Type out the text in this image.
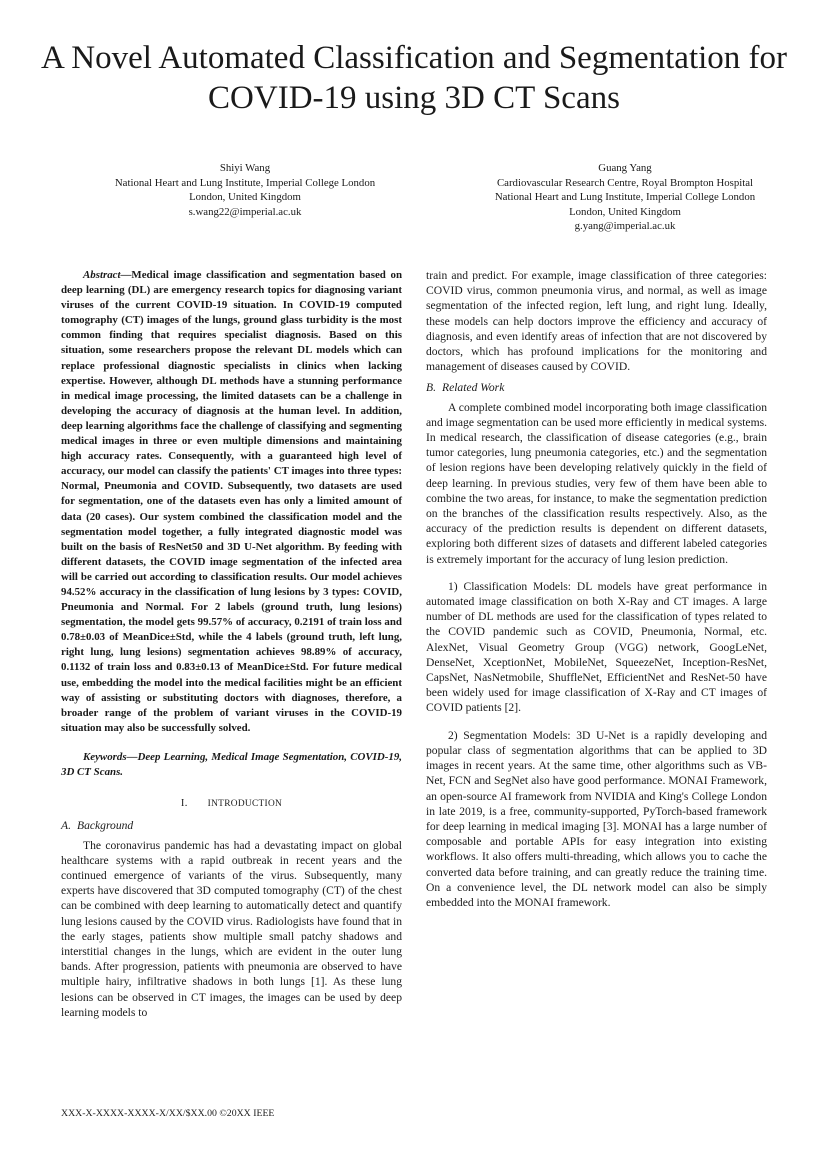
A Novel Automated Classification and Segmentation for COVID-19 using 3D CT Scans
Shiyi Wang
National Heart and Lung Institute, Imperial College London
London, United Kingdom
s.wang22@imperial.ac.uk
Guang Yang
Cardiovascular Research Centre, Royal Brompton Hospital
National Heart and Lung Institute, Imperial College London
London, United Kingdom
g.yang@imperial.ac.uk

Abstract—Medical image classification and segmentation based on deep learning (DL) are emergency research topics for diagnosing variant viruses of the current COVID-19 situation. In COVID-19 computed tomography (CT) images of the lungs, ground glass turbidity is the most common finding that requires specialist diagnosis. Based on this situation, some researchers propose the relevant DL models which can replace professional diagnostic specialists in clinics when lacking expertise. However, although DL methods have a stunning performance in medical image processing, the limited datasets can be a challenge in developing the accuracy of diagnosis at the human level. In addition, deep learning algorithms face the challenge of classifying and segmenting medical images in three or even multiple dimensions and maintaining high accuracy rates. Consequently, with a guaranteed high level of accuracy, our model can classify the patients' CT images into three types: Normal, Pneumonia and COVID. Subsequently, two datasets are used for segmentation, one of the datasets even has only a limited amount of data (20 cases). Our system combined the classification model and the segmentation model together, a fully integrated diagnostic model was built on the basis of ResNet50 and 3D U-Net algorithm. By feeding with different datasets, the COVID image segmentation of the infected area will be carried out according to classification results. Our model achieves 94.52% accuracy in the classification of lung lesions by 3 types: COVID, Pneumonia and Normal. For 2 labels (ground truth, lung lesions) segmentation, the model gets 99.57% of accuracy, 0.2191 of train loss and 0.78±0.03 of MeanDice±Std, while the 4 labels (ground truth, left lung, right lung, lung lesions) segmentation achieves 98.89% of accuracy, 0.1132 of train loss and 0.83±0.13 of MeanDice±Std. For future medical use, embedding the model into the medical facilities might be an efficient way of assisting or substituting doctors with diagnoses, therefore, a broader range of the problem of variant viruses in the COVID-19 situation may also be successfully solved.

Keywords—Deep Learning, Medical Image Segmentation, COVID-19, 3D CT Scans.

I. INTRODUCTION
A. Background

The coronavirus pandemic has had a devastating impact on global healthcare systems with a rapid outbreak in recent years and the continued emergence of variants of the virus. Subsequently, many experts have discovered that 3D computed tomography (CT) of the chest can be combined with deep learning to automatically detect and quantify lung lesions caused by the COVID virus. Radiologists have found that in the early stages, patients show multiple small patchy shadows and interstitial changes in the lungs, which are evident in the outer lung bands. After progression, patients with pneumonia are observed to have multiple hairy, infiltrative shadows in both lungs [1]. As these lung lesions can be observed in CT images, the images can be used by deep learning models to

train and predict. For example, image classification of three categories: COVID virus, common pneumonia virus, and normal, as well as image segmentation of the infected region, left lung, and right lung. Ideally, these models can help doctors improve the efficiency and accuracy of diagnosis, and even identify areas of infection that are not discovered by doctors, which has profound implications for the monitoring and management of diseases caused by COVID.

B. Related Work

A complete combined model incorporating both image classification and image segmentation can be used more efficiently in medical systems. In medical research, the classification of disease categories (e.g., brain tumor categories, lung pneumonia categories, etc.) and the segmentation of lesion regions have been developing relatively quickly in the field of deep learning. In previous studies, very few of them have been able to combine the two areas, for instance, to make the segmentation prediction on the branches of the classification results respectively. Also, as the accuracy of the prediction results is dependent on different datasets, exploring both different sizes of datasets and different labeled categories is extremely important for the accuracy of lung lesion prediction.

1) Classification Models: DL models have great performance in automated image classification on both X-Ray and CT images. A large number of DL methods are used for the classification of types related to the COVID pandemic such as COVID, Pneumonia, Normal, etc. AlexNet, Visual Geometry Group (VGG) network, GoogLeNet, DenseNet, XceptionNet, MobileNet, SqueezeNet, Inception-ResNet, CapsNet, NasNetmobile, ShuffleNet, EfficientNet and ResNet-50 have been widely used for image classification of X-Ray and CT images of COVID patients [2].

2) Segmentation Models: 3D U-Net is a rapidly developing and popular class of segmentation algorithms that can be applied to 3D images in recent years. At the same time, other algorithms such as VB-Net, FCN and SegNet also have good performance. MONAI Framework, an open-source AI framework from NVIDIA and King's College London in late 2019, is a free, community-supported, PyTorch-based framework for deep learning in medical imaging [3]. MONAI has a large number of composable and portable APIs for easy integration into existing workflows. It also offers multi-threading, which allows you to cache the converted data before training, and can greatly reduce the training time. On a convenience level, the DL network model can also be simply embedded into the MONAI framework.

XXX-X-XXXX-XXXX-X/XX/$XX.00 ©20XX IEEE
